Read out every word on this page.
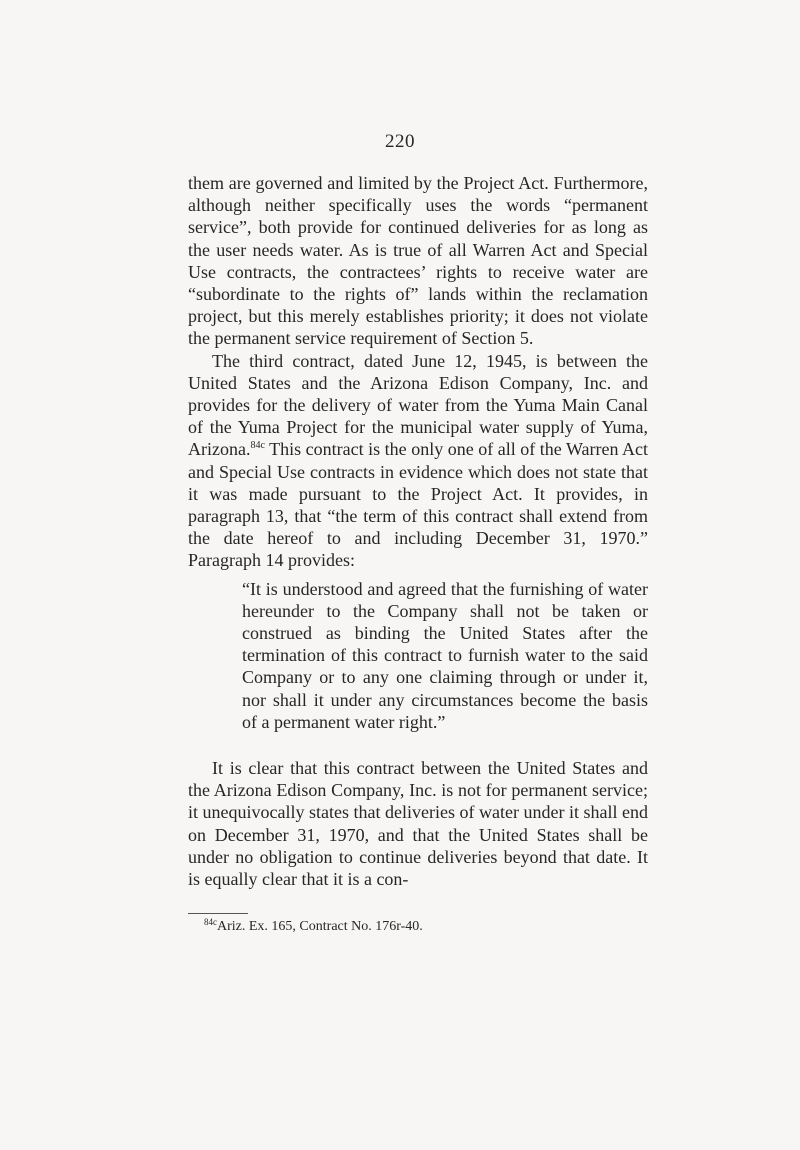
220

them are governed and limited by the Project Act. Furthermore, although neither specifically uses the words “permanent service”, both provide for continued deliveries for as long as the user needs water. As is true of all Warren Act and Special Use contracts, the contractees’ rights to receive water are “subordinate to the rights of” lands within the reclamation project, but this merely establishes priority; it does not violate the permanent service requirement of Section 5.

The third contract, dated June 12, 1945, is between the United States and the Arizona Edison Company, Inc. and provides for the delivery of water from the Yuma Main Canal of the Yuma Project for the municipal water supply of Yuma, Arizona.$^{84c}$ This contract is the only one of all of the Warren Act and Special Use contracts in evidence which does not state that it was made pursuant to the Project Act. It provides, in paragraph 13, that “the term of this contract shall extend from the date hereof to and including December 31, 1970.” Paragraph 14 provides:

“It is understood and agreed that the furnishing of water hereunder to the Company shall not be taken or construed as binding the United States after the termination of this contract to furnish water to the said Company or to any one claiming through or under it, nor shall it under any circumstances become the basis of a permanent water right.”

It is clear that this contract between the United States and the Arizona Edison Company, Inc. is not for permanent service; it unequivocally states that deliveries of water under it shall end on December 31, 1970, and that the United States shall be under no obligation to continue deliveries beyond that date. It is equally clear that it is a con-

$^{84c}$Ariz. Ex. 165, Contract No. 176r-40.
